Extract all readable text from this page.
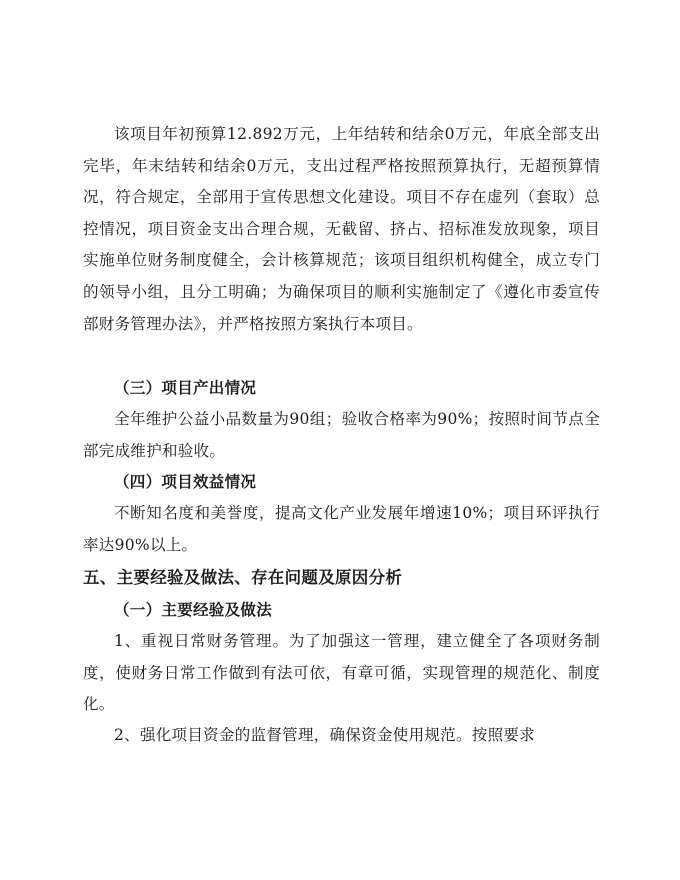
该项目年初预算12.892万元，上年结转和结余0万元，年底全部支出完毕，年末结转和结余0万元，支出过程严格按照预算执行，无超预算情况，符合规定，全部用于宣传思想文化建设。项目不存在虚列（套取）总控情况，项目资金支出合理合规，无截留、挤占、招标准发放现象，项目实施单位财务制度健全，会计核算规范；该项目组织机构健全，成立专门的领导小组，且分工明确；为确保项目的顺利实施制定了《遵化市委宣传部财务管理办法》，并严格按照方案执行本项目。

（三）项目产出情况

全年维护公益小品数量为90组；验收合格率为90%；按照时间节点全部完成维护和验收。

（四）项目效益情况

不断知名度和美誉度，提高文化产业发展年增速10%；项目环评执行率达90%以上。

五、主要经验及做法、存在问题及原因分析

（一）主要经验及做法

1、重视日常财务管理。为了加强这一管理，建立健全了各项财务制度，使财务日常工作做到有法可依，有章可循，实现管理的规范化、制度化。

2、强化项目资金的监督管理，确保资金使用规范。按照要求
